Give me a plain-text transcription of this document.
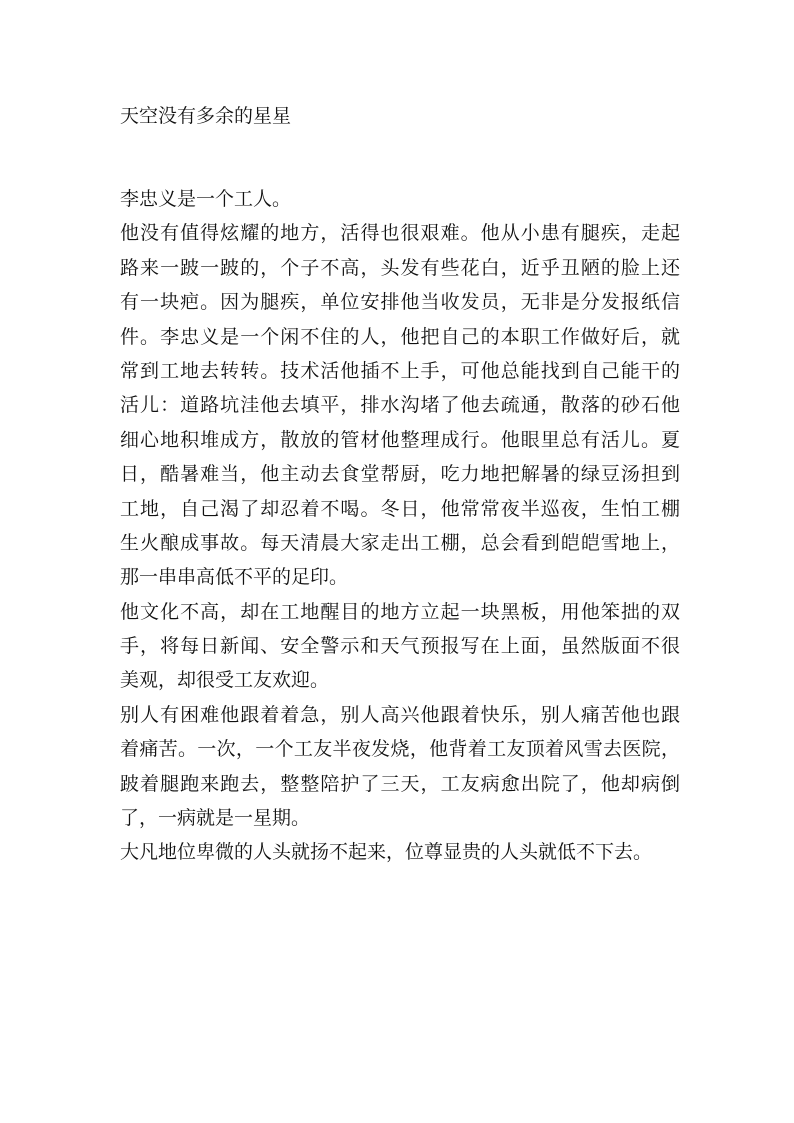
天空没有多余的星星
李忠义是一个工人。
他没有值得炫耀的地方，活得也很艰难。他从小患有腿疾，走起
路来一跛一跛的，个子不高，头发有些花白，近乎丑陋的脸上还
有一块疤。因为腿疾，单位安排他当收发员，无非是分发报纸信
件。李忠义是一个闲不住的人，他把自己的本职工作做好后，就
常到工地去转转。技术活他插不上手，可他总能找到自己能干的
活儿：道路坑洼他去填平，排水沟堵了他去疏通，散落的砂石他
细心地积堆成方，散放的管材他整理成行。他眼里总有活儿。夏
日，酷暑难当，他主动去食堂帮厨，吃力地把解暑的绿豆汤担到
工地，自己渴了却忍着不喝。冬日，他常常夜半巡夜，生怕工棚
生火酿成事故。每天清晨大家走出工棚，总会看到皑皑雪地上，
那一串串高低不平的足印。
他文化不高，却在工地醒目的地方立起一块黑板，用他笨拙的双
手，将每日新闻、安全警示和天气预报写在上面，虽然版面不很
美观，却很受工友欢迎。
别人有困难他跟着着急，别人高兴他跟着快乐，别人痛苦他也跟
着痛苦。一次，一个工友半夜发烧，他背着工友顶着风雪去医院，
跛着腿跑来跑去，整整陪护了三天，工友病愈出院了，他却病倒
了，一病就是一星期。
大凡地位卑微的人头就扬不起来，位尊显贵的人头就低不下去。
